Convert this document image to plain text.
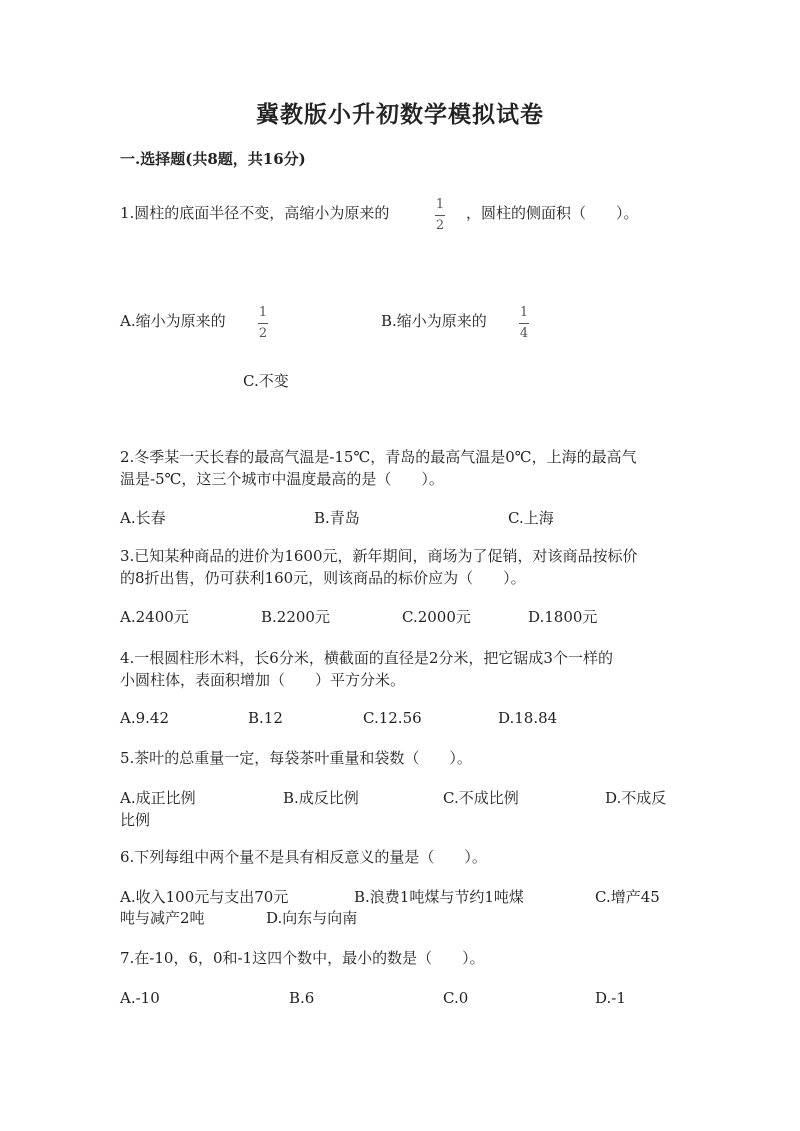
冀教版小升初数学模拟试卷
一.选择题(共8题，共16分)
1.圆柱的底面半径不变，高缩小为原来的	1
2
，圆柱的侧面积（　　）。
A.缩小为原来的	1
2
B.缩小为原来的	1
4
C.不变
2.冬季某一天长春的最高气温是-15℃，青岛的最高气温是0℃，上海的最高气
温是-5℃，这三个城市中温度最高的是（　　）。
A.长春	B.青岛	C.上海
3.已知某种商品的进价为1600元，新年期间，商场为了促销，对该商品按标价
的8折出售，仍可获利160元，则该商品的标价应为（　　）。
A.2400元	B.2200元	C.2000元	D.1800元
4.一根圆柱形木料，长6分米，横截面的直径是2分米，把它锯成3个一样的
小圆柱体，表面积增加（　　）平方分米。
A.9.42	B.12	C.12.56	D.18.84
5.茶叶的总重量一定，每袋茶叶重量和袋数（　　）。
A.成正比例	B.成反比例	C.不成比例	D.不成反
比例
6.下列每组中两个量不是具有相反意义的量是（　　）。
A.收入100元与支出70元	B.浪费1吨煤与节约1吨煤	C.增产45
吨与减产2吨	D.向东与向南
7.在-10，6，0和-1这四个数中，最小的数是（　　）。
A.-10	B.6	C.0	D.-1
